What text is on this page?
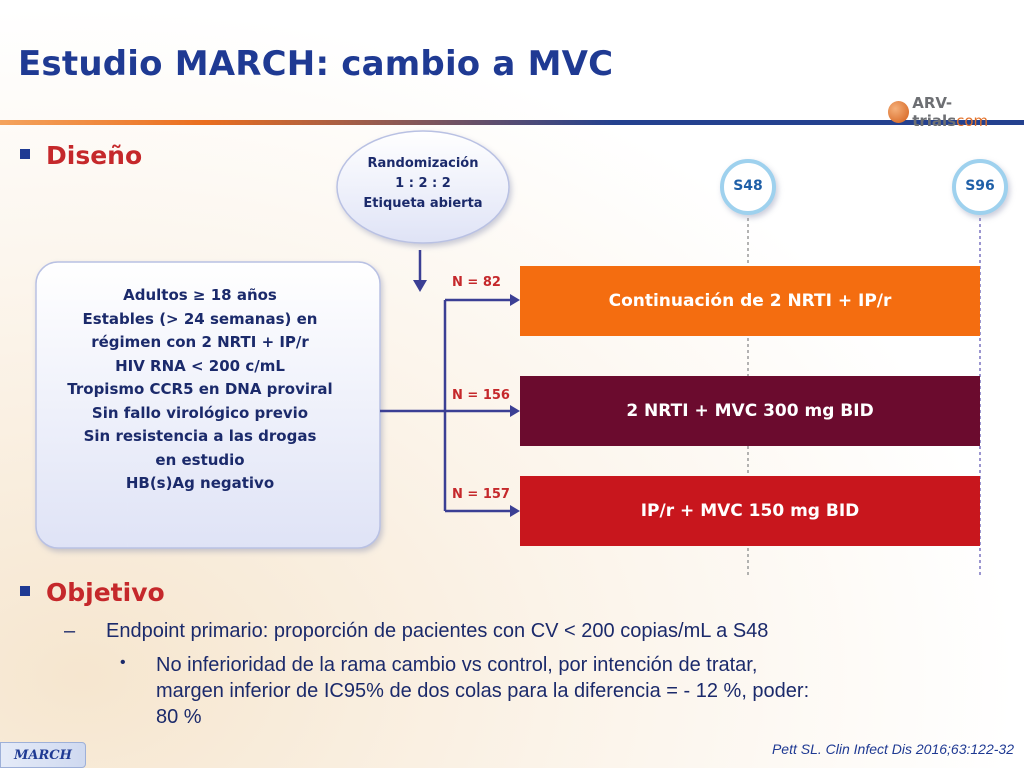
Estudio MARCH: cambio a MVC
ARV-trialscom
Diseño	Randomización
1 : 2 : 2
Etiqueta abierta
Adultos ≥ 18 años
Estables (> 24 semanas) en
régimen con 2 NRTI + IP/r
HIV RNA < 200 c/mL
Tropismo CCR5 en DNA proviral
Sin fallo virológico previo
Sin resistencia a las drogas
en estudio
HB(s)Ag negativo
S48	S96
N = 82
N = 156
N = 157
Continuación de 2 NRTI + IP/r
2 NRTI + MVC 300 mg BID
IP/r + MVC 150 mg BID
Objetivo
– Endpoint primario: proporción de pacientes con CV < 200 copias/mL a S48
• No inferioridad de la rama cambio vs control, por intención de tratar,
margen inferior de IC95% de dos colas para la diferencia = - 12 %, poder:
80 %
MARCH	Pett SL. Clin Infect Dis 2016;63:122-32
